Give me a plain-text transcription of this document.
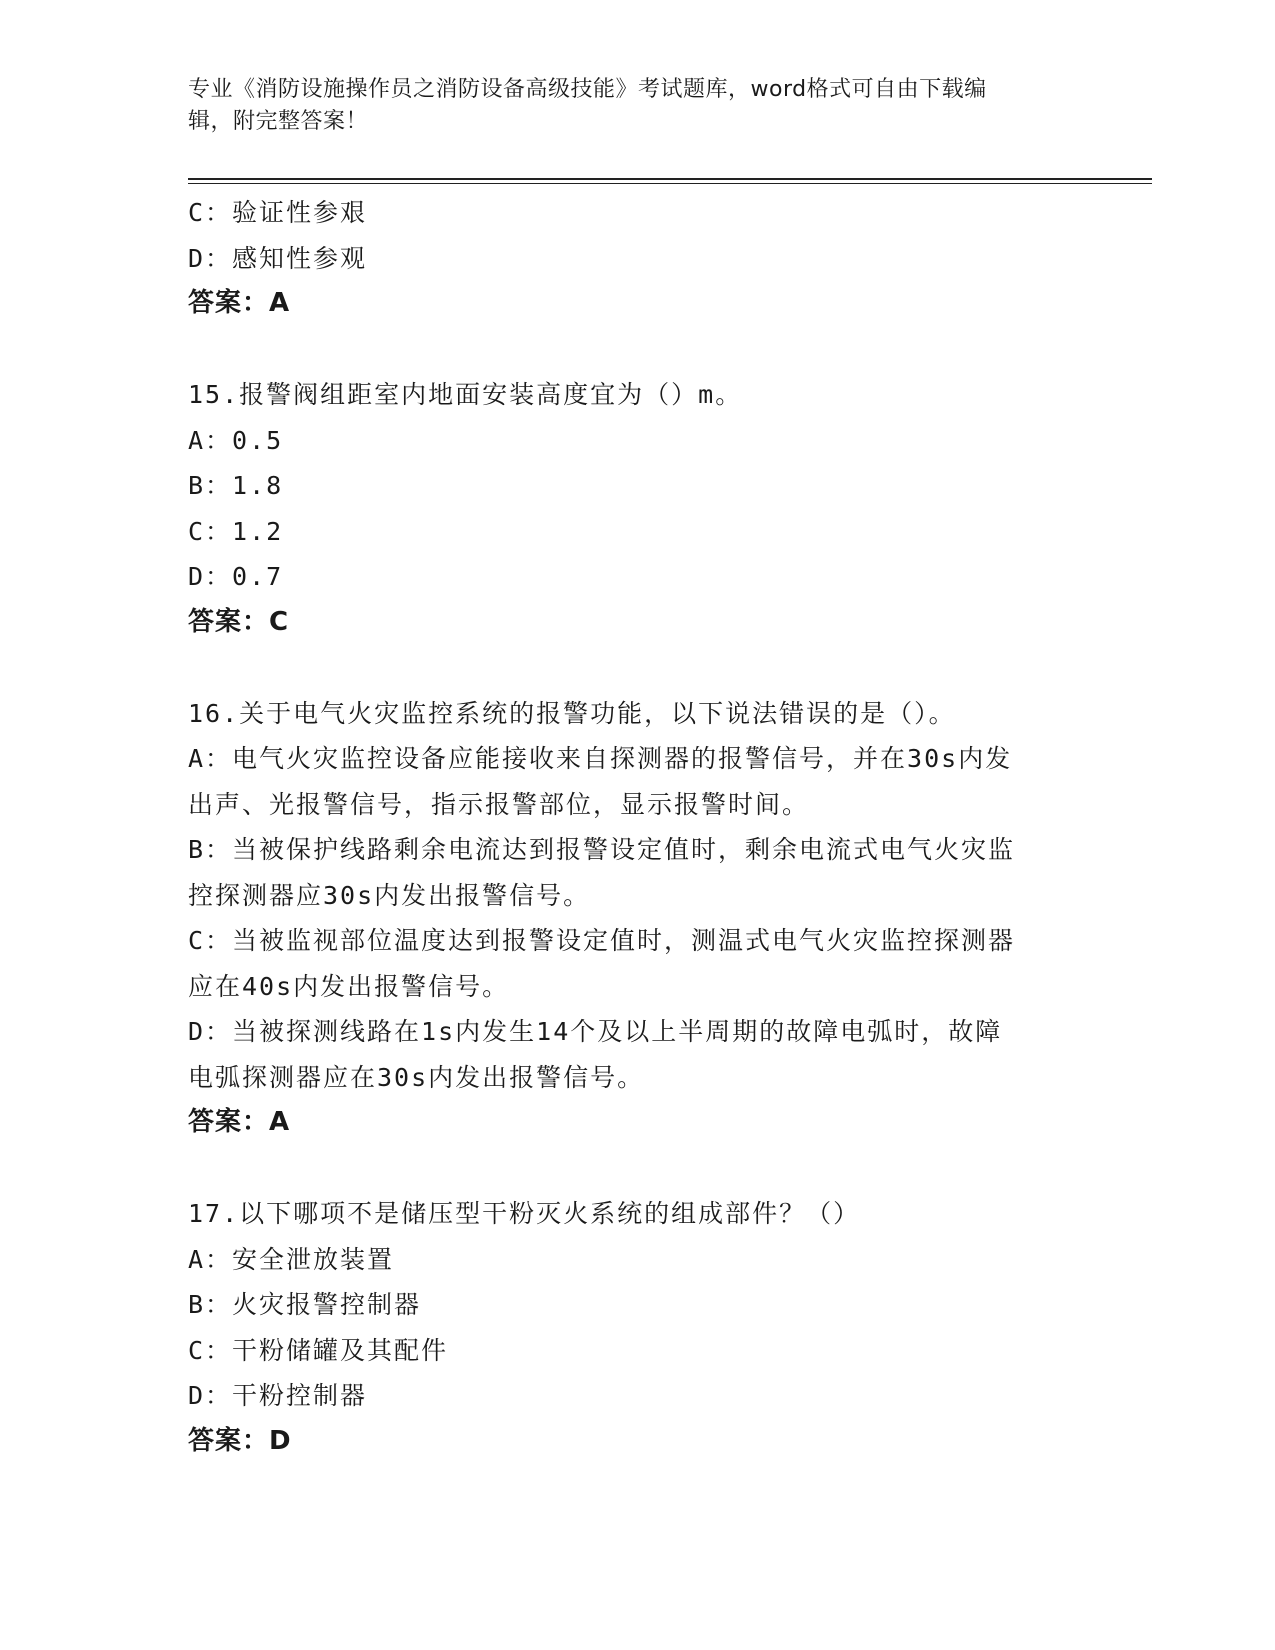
专业《消防设施操作员之消防设备高级技能》考试题库，word格式可自由下载编
辑，附完整答案！

C：验证性参艰

D：感知性参观

答案：A

15.报警阀组距室内地面安装高度宜为（）m。

A：0.5

B：1.8

C：1.2

D：0.7

答案：C

16.关于电气火灾监控系统的报警功能，以下说法错误的是（）。

A：电气火灾监控设备应能接收来自探测器的报警信号，并在30s内发

出声、光报警信号，指示报警部位，显示报警时间。

B：当被保护线路剩余电流达到报警设定值时，剩余电流式电气火灾监

控探测器应30s内发出报警信号。

C：当被监视部位温度达到报警设定值时，测温式电气火灾监控探测器

应在40s内发出报警信号。

D：当被探测线路在1s内发生14个及以上半周期的故障电弧时，故障

电弧探测器应在30s内发出报警信号。

答案：A

17.以下哪项不是储压型干粉灭火系统的组成部件？（）

A：安全泄放装置

B：火灾报警控制器

C：干粉储罐及其配件

D：干粉控制器

答案：D
